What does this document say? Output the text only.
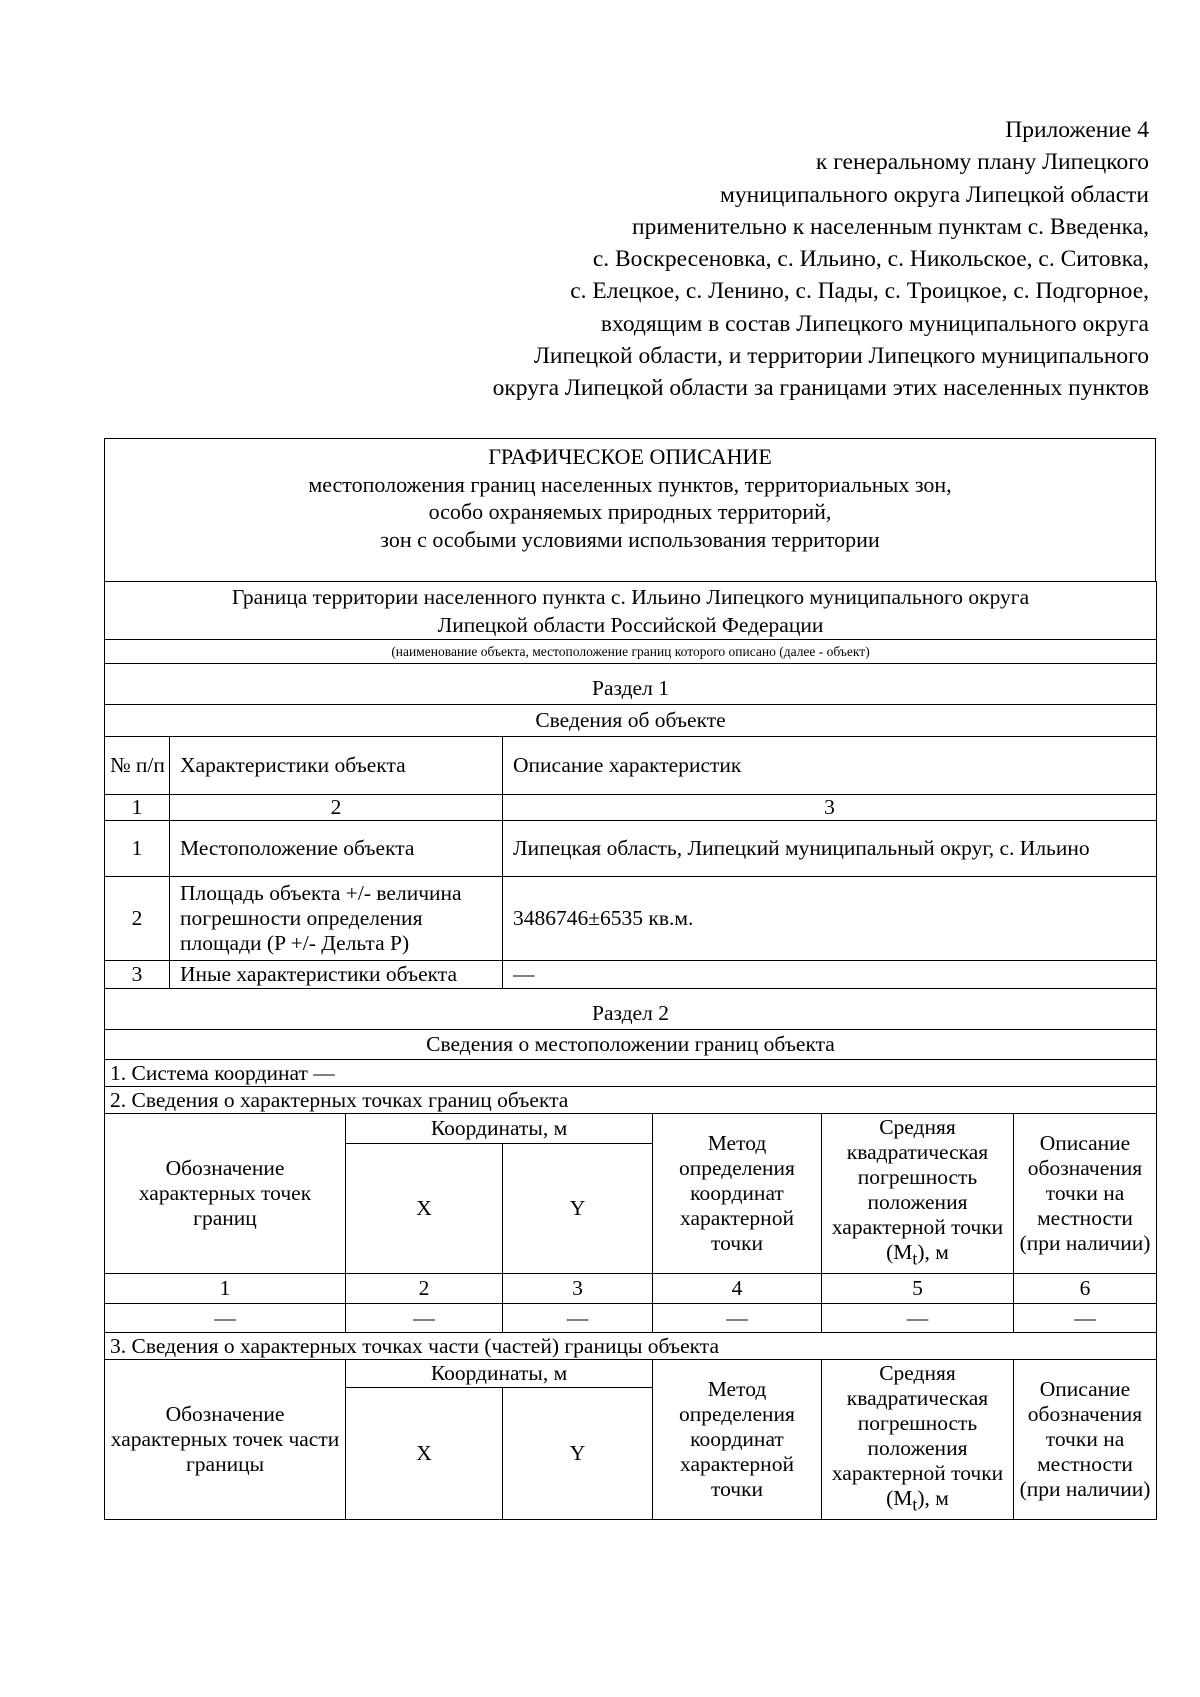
Приложение 4
к генеральному плану Липецкого
муниципального округа Липецкой области
применительно к населенным пунктам с. Введенка,
с. Воскресеновка, с. Ильино, с. Никольское, с. Ситовка,
с. Елецкое, с. Ленино, с. Пады, с. Троицкое, с. Подгорное,
входящим в состав Липецкого муниципального округа
Липецкой области, и территории Липецкого муниципального
округа Липецкой области за границами этих населенных пунктов
ГРАФИЧЕСКОЕ ОПИСАНИЕ
местоположения границ населенных пунктов, территориальных зон,
особо охраняемых природных территорий,
зон с особыми условиями использования территории
Граница территории населенного пункта с. Ильино Липецкого муниципального округа
Липецкой области Российской Федерации						

(наименование объекта, местоположение границ которого описано (далее - объект)						

Раздел 1						
Сведения об объекте						
№ п/п	Характеристики объекта		Описание характеристик			
1	2		3			
1	Местоположение объекта		Липецкая область, Липецкий муниципальный округ, с. Ильино			
2	Площадь объекта +/- величина погрешности определения площади (P +/- Дельта P)		3486746±6535 кв.м.			
3	Иные характеристики объекта		—			

Раздел 2						
Сведения о местоположении границ объекта						
1. Система координат —						
2. Сведения о характерных точках границ объекта						
Обозначение характерных точек границ		Координаты, м		Метод определения координат характерной точки	Средняя квадратическая погрешность положения характерной точки $(M_t)$, м	Описание обозначения точки на местности (при наличии)
		X	Y			
1		2	3	4	5	6
—		—	—	—	—	—
3. Сведения о характерных точках части (частей) границы объекта						
Обозначение характерных точек части границы		Координаты, м		Метод определения координат характерной точки	Средняя квадратическая погрешность положения характерной точки $(M_t)$, м	Описание обозначения точки на местности (при наличии)
		X	Y			
